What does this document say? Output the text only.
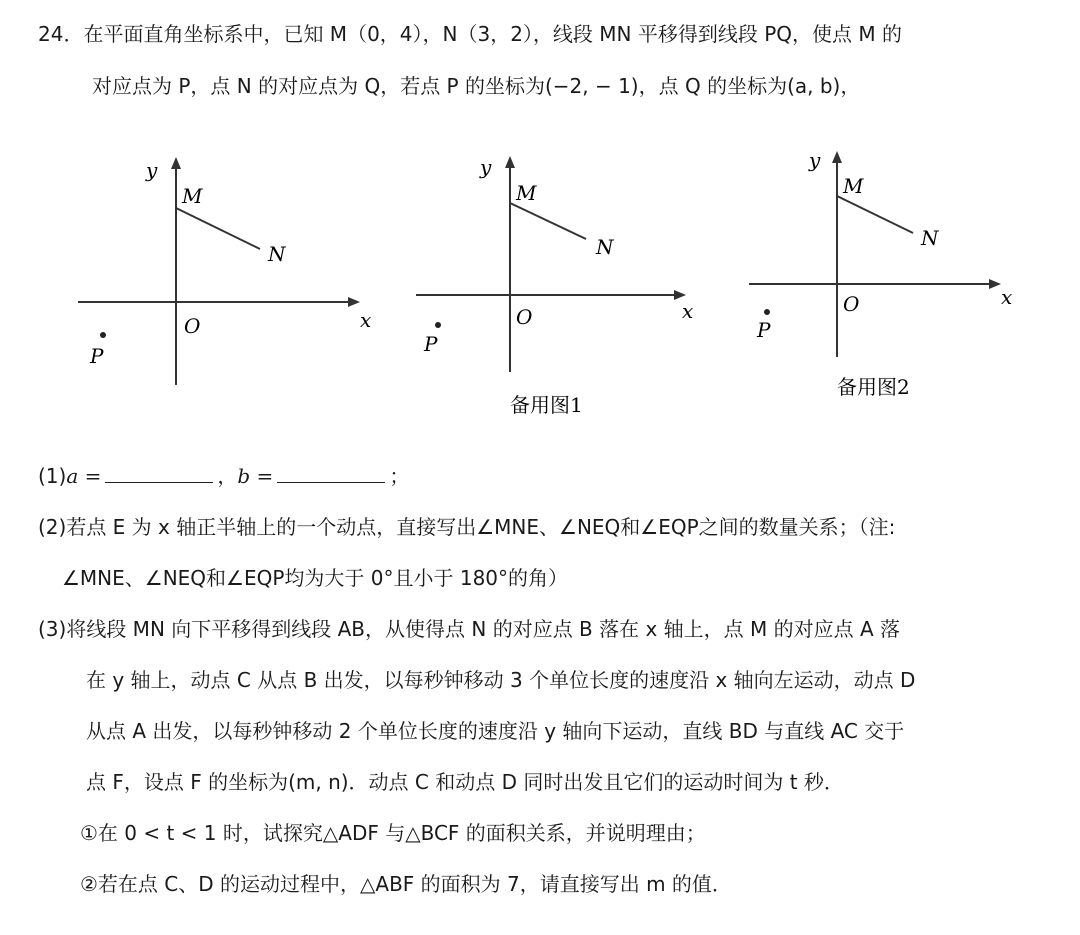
24．在平面直角坐标系中，已知 M（0，4），N（3，2），线段 MN 平移得到线段 PQ，使点 M 的
对应点为 P，点 N 的对应点为 Q，若点 P 的坐标为(−2, − 1)，点 Q 的坐标为(a, b)，
y
M
N
O	x
P
y
M
N
O	x
P
备用图1
y
M
N
O	x
P
备用图2
(1)a =	，b =	；
(2)若点 E 为 x 轴正半轴上的一个动点，直接写出∠MNE、∠NEQ和∠EQP之间的数量关系；（注:
∠MNE、∠NEQ和∠EQP均为大于 0°且小于 180°的角）
(3)将线段 MN 向下平移得到线段 AB，从使得点 N 的对应点 B 落在 x 轴上，点 M 的对应点 A 落
在 y 轴上，动点 C 从点 B 出发，以每秒钟移动 3 个单位长度的速度沿 x 轴向左运动，动点 D
从点 A 出发，以每秒钟移动 2 个单位长度的速度沿 y 轴向下运动，直线 BD 与直线 AC 交于
点 F，设点 F 的坐标为(m, n)．动点 C 和动点 D 同时出发且它们的运动时间为 t 秒．
①在 0 < t < 1 时，试探究△ADF 与△BCF 的面积关系，并说明理由；
②若在点 C、D 的运动过程中，△ABF 的面积为 7，请直接写出 m 的值．
